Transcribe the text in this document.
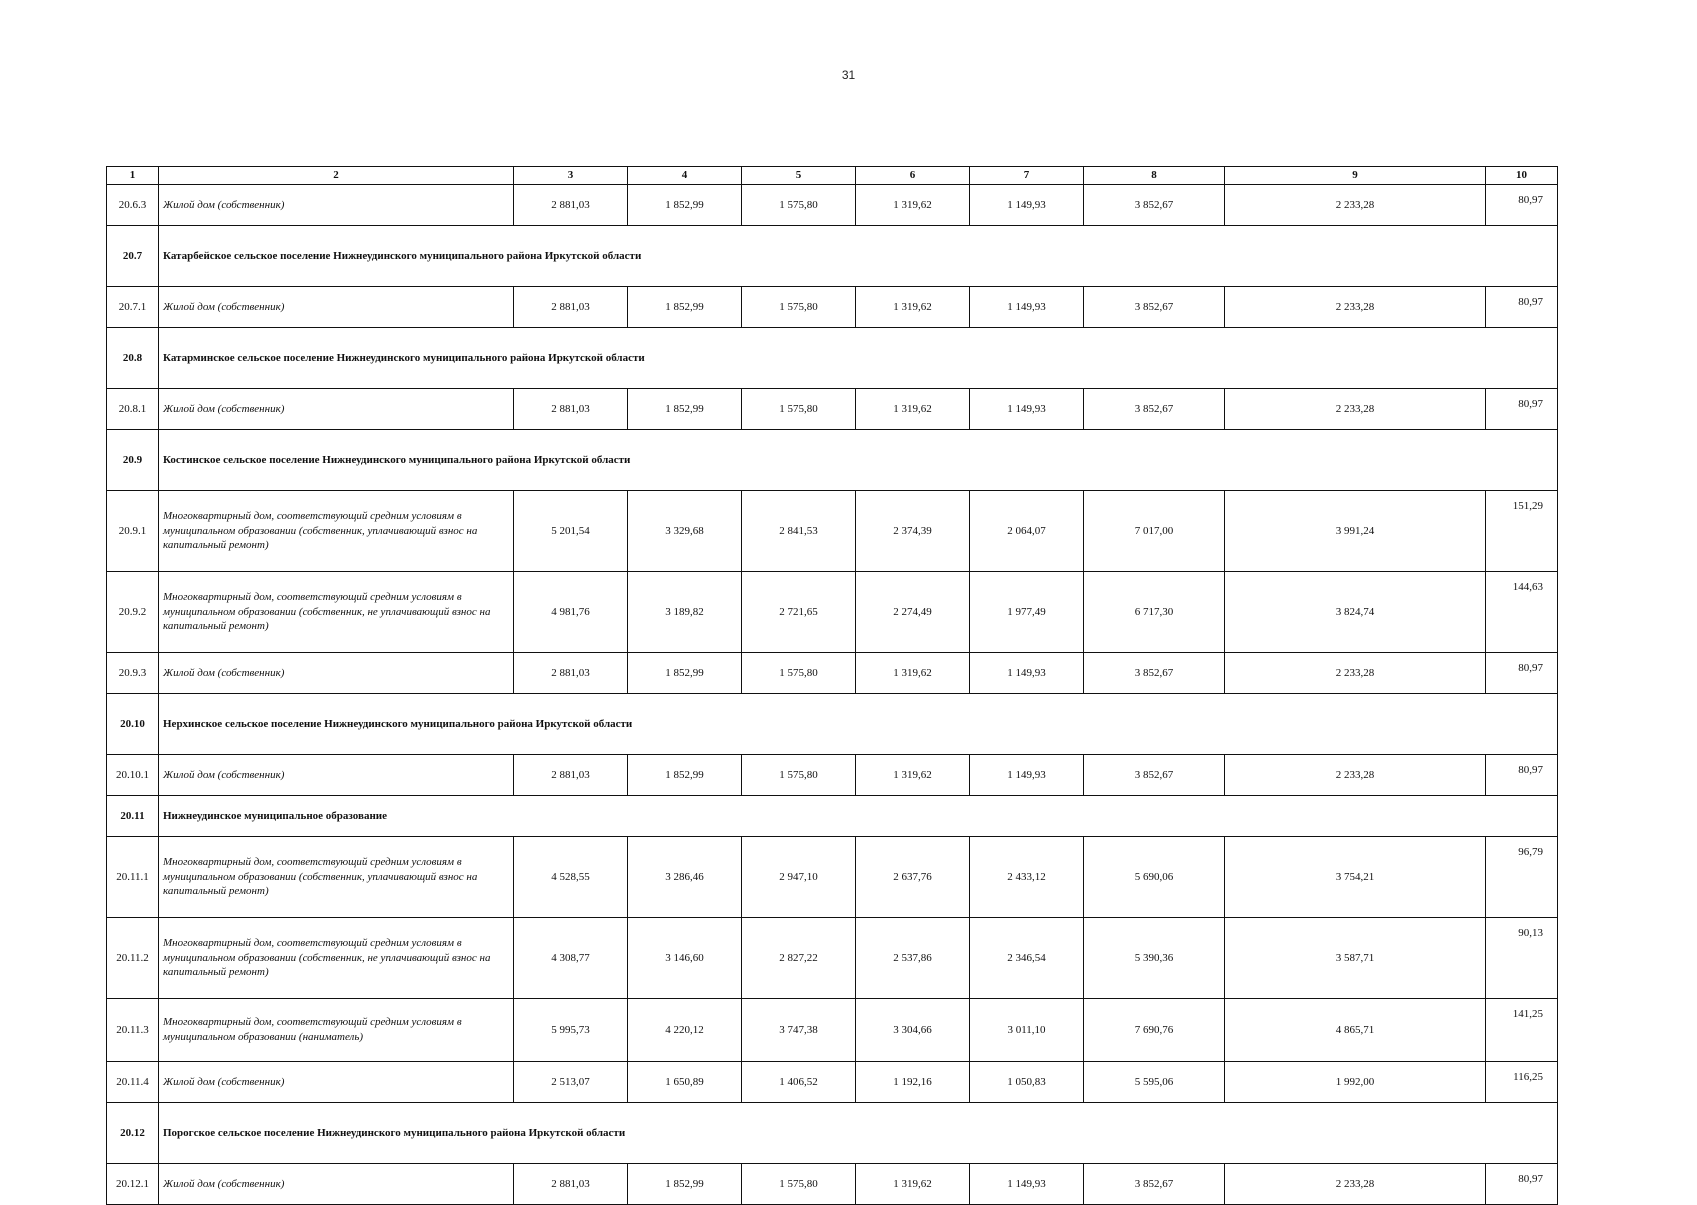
31
1	2	3	4	5	6	7	8	9	10
20.6.3	Жилой дом (собственник)	2 881,03	1 852,99	1 575,80	1 319,62	1 149,93	3 852,67	2 233,28	80,97
20.7	Катарбейское сельское поселение Нижнеудинского муниципального района Иркутской области								
20.7.1	Жилой дом (собственник)	2 881,03	1 852,99	1 575,80	1 319,62	1 149,93	3 852,67	2 233,28	80,97
20.8	Катарминское сельское поселение Нижнеудинского муниципального района Иркутской области								
20.8.1	Жилой дом (собственник)	2 881,03	1 852,99	1 575,80	1 319,62	1 149,93	3 852,67	2 233,28	80,97
20.9	Костинское сельское поселение Нижнеудинского муниципального района Иркутской области								
20.9.1	Многоквартирный дом, соответствующий средним условиям в муниципальном образовании (собственник, уплачивающий взнос на капитальный ремонт)	5 201,54	3 329,68	2 841,53	2 374,39	2 064,07	7 017,00	3 991,24	151,29
20.9.2	Многоквартирный дом, соответствующий средним условиям в муниципальном образовании (собственник, не уплачивающий взнос на капитальный ремонт)	4 981,76	3 189,82	2 721,65	2 274,49	1 977,49	6 717,30	3 824,74	144,63
20.9.3	Жилой дом (собственник)	2 881,03	1 852,99	1 575,80	1 319,62	1 149,93	3 852,67	2 233,28	80,97
20.10	Нерхинское сельское поселение Нижнеудинского муниципального района Иркутской области								
20.10.1	Жилой дом (собственник)	2 881,03	1 852,99	1 575,80	1 319,62	1 149,93	3 852,67	2 233,28	80,97
20.11	Нижнеудинское муниципальное образование								
20.11.1	Многоквартирный дом, соответствующий средним условиям в муниципальном образовании (собственник, уплачивающий взнос на капитальный ремонт)	4 528,55	3 286,46	2 947,10	2 637,76	2 433,12	5 690,06	3 754,21	96,79
20.11.2	Многоквартирный дом, соответствующий средним условиям в муниципальном образовании (собственник, не уплачивающий взнос на капитальный ремонт)	4 308,77	3 146,60	2 827,22	2 537,86	2 346,54	5 390,36	3 587,71	90,13
20.11.3	Многоквартирный дом, соответствующий средним условиям в муниципальном образовании (наниматель)	5 995,73	4 220,12	3 747,38	3 304,66	3 011,10	7 690,76	4 865,71	141,25
20.11.4	Жилой дом (собственник)	2 513,07	1 650,89	1 406,52	1 192,16	1 050,83	5 595,06	1 992,00	116,25
20.12	Порогское сельское поселение Нижнеудинского муниципального района Иркутской области								
20.12.1	Жилой дом (собственник)	2 881,03	1 852,99	1 575,80	1 319,62	1 149,93	3 852,67	2 233,28	80,97
